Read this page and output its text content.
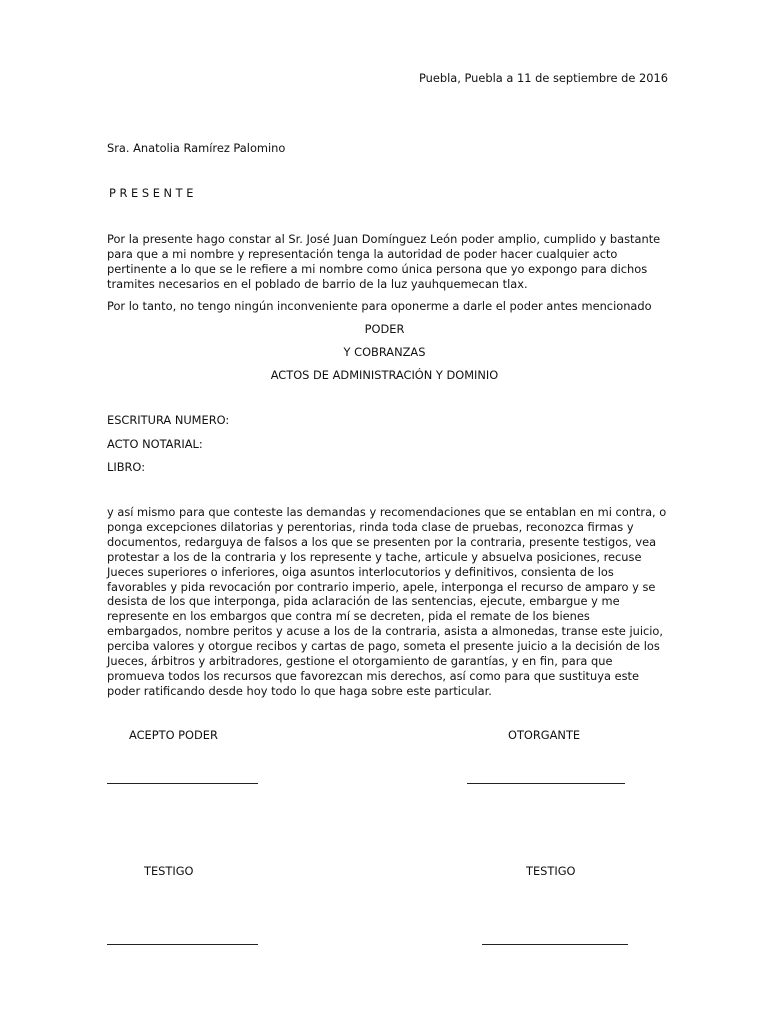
Puebla, Puebla a 11 de septiembre de 2016
Sra. Anatolia Ramírez Palomino
P R E S E N T E
Por la presente hago constar al Sr. José Juan Domínguez León poder amplio, cumplido y bastante para que a mi nombre y representación tenga la autoridad de poder hacer cualquier acto pertinente a lo que se le refiere a mi nombre como única persona que yo expongo para dichos tramites necesarios en el poblado de barrio de la luz yauhquemecan tlax.
Por lo tanto, no tengo ningún inconveniente para oponerme a darle el poder antes mencionado
PODER
Y COBRANZAS
ACTOS DE ADMINISTRACIÓN Y DOMINIO
ESCRITURA NUMERO:
ACTO NOTARIAL:
LIBRO:
y así mismo para que conteste las demandas y recomendaciones que se entablan en mi contra, o ponga excepciones dilatorias y perentorias, rinda toda clase de pruebas, reconozca firmas y documentos, redarguya de falsos a los que se presenten por la contraria, presente testigos, vea protestar a los de la contraria y los represente y tache, articule y absuelva posiciones, recuse Jueces superiores o inferiores, oiga asuntos interlocutorios y definitivos, consienta de los favorables y pida revocación por contrario imperio, apele, interponga el recurso de amparo y se desista de los que interponga, pida aclaración de las sentencias, ejecute, embargue y me represente en los embargos que contra mí se decreten, pida el remate de los bienes embargados, nombre peritos y acuse a los de la contraria, asista a almonedas, transe este juicio, perciba valores y otorgue recibos y cartas de pago, someta el presente juicio a la decisión de los Jueces, árbitros y arbitradores, gestione el otorgamiento de garantías, y en fin, para que promueva todos los recursos que favorezcan mis derechos, así como para que sustituya este poder ratificando desde hoy todo lo que haga sobre este particular.
ACEPTO PODER	OTORGANTE
TESTIGO	TESTIGO
